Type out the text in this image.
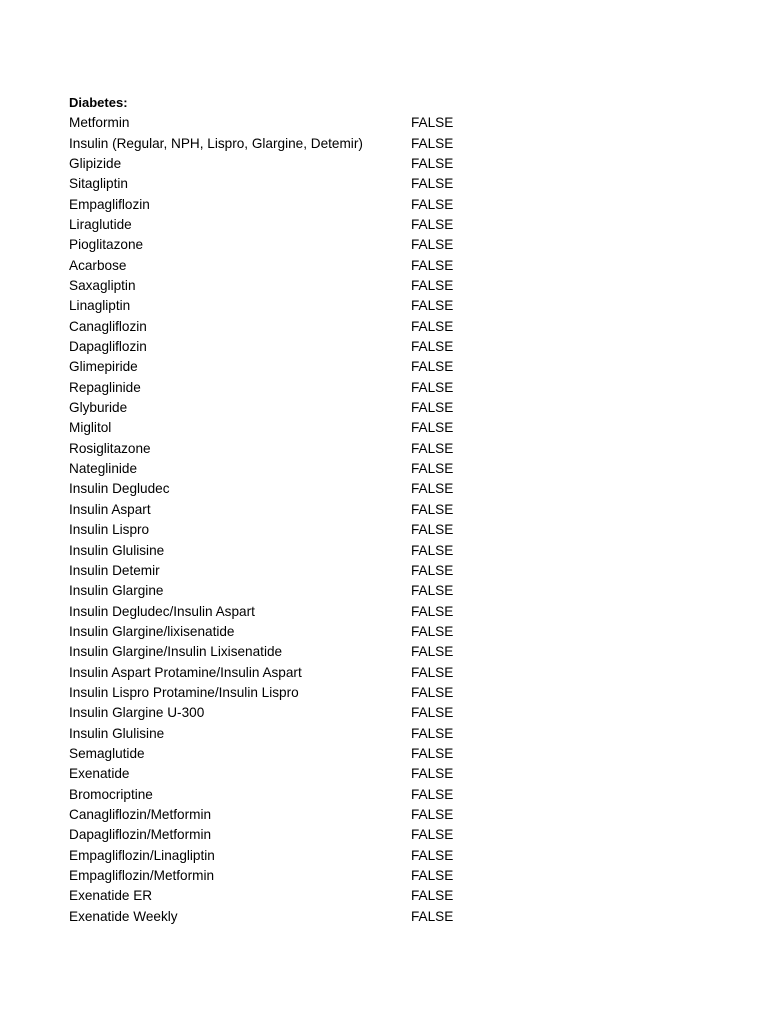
Diabetes:
Metformin	FALSE
Insulin (Regular, NPH, Lispro, Glargine, Detemir)	FALSE
Glipizide	FALSE
Sitagliptin	FALSE
Empagliflozin	FALSE
Liraglutide	FALSE
Pioglitazone	FALSE
Acarbose	FALSE
Saxagliptin	FALSE
Linagliptin	FALSE
Canagliflozin	FALSE
Dapagliflozin	FALSE
Glimepiride	FALSE
Repaglinide	FALSE
Glyburide	FALSE
Miglitol	FALSE
Rosiglitazone	FALSE
Nateglinide	FALSE
Insulin Degludec	FALSE
Insulin Aspart	FALSE
Insulin Lispro	FALSE
Insulin Glulisine	FALSE
Insulin Detemir	FALSE
Insulin Glargine	FALSE
Insulin Degludec/Insulin Aspart	FALSE
Insulin Glargine/lixisenatide	FALSE
Insulin Glargine/Insulin Lixisenatide	FALSE
Insulin Aspart Protamine/Insulin Aspart	FALSE
Insulin Lispro Protamine/Insulin Lispro	FALSE
Insulin Glargine U-300	FALSE
Insulin Glulisine	FALSE
Semaglutide	FALSE
Exenatide	FALSE
Bromocriptine	FALSE
Canagliflozin/Metformin	FALSE
Dapagliflozin/Metformin	FALSE
Empagliflozin/Linagliptin	FALSE
Empagliflozin/Metformin	FALSE
Exenatide ER	FALSE
Exenatide Weekly	FALSE
